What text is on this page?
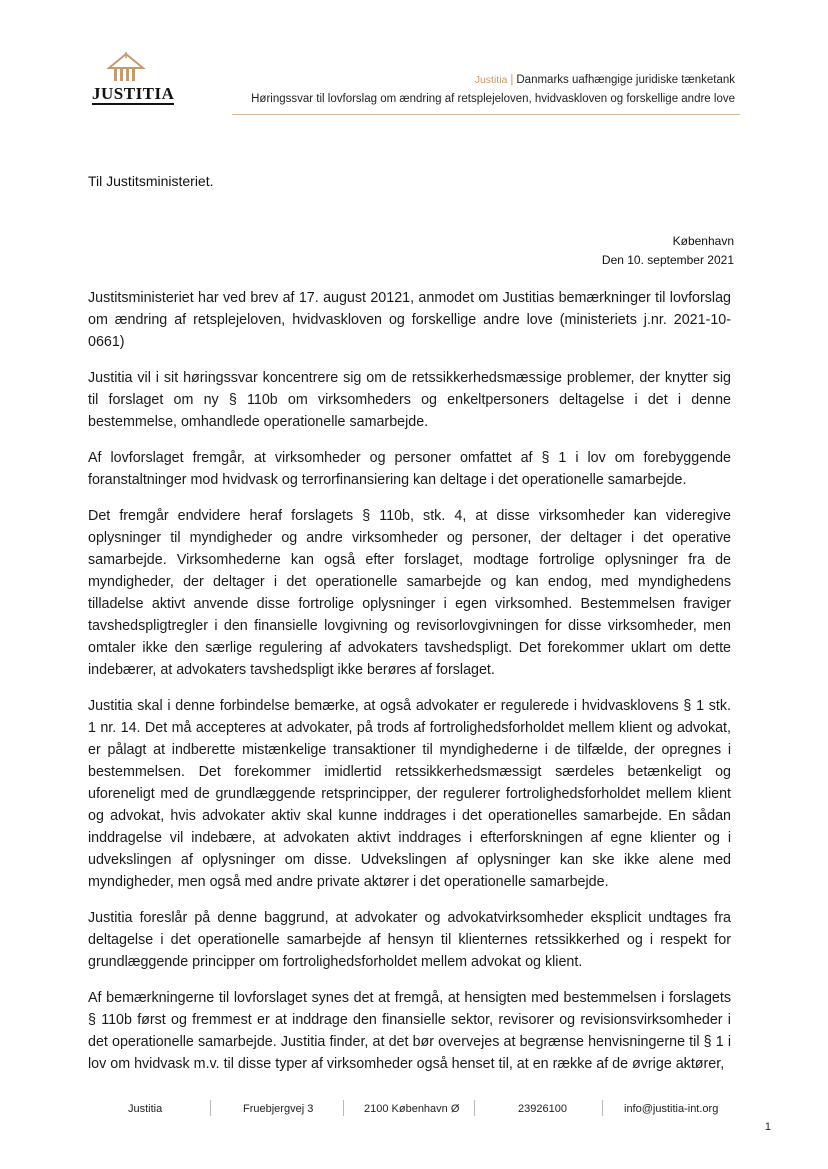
JUSTITIA
Justitia | Danmarks uafhængige juridiske tænketank
Høringssvar til lovforslag om ændring af retsplejeloven, hvidvaskloven og forskellige andre love
Til Justitsministeriet.
København
Den 10. september 2021

Justitsministeriet har ved brev af 17. august 20121, anmodet om Justitias bemærkninger til lovforslag om ændring af retsplejeloven, hvidvaskloven og forskellige andre love (ministeriets j.nr. 2021-10-0661)

Justitia vil i sit høringssvar koncentrere sig om de retssikkerhedsmæssige problemer, der knytter sig til forslaget om ny § 110b om virksomheders og enkeltpersoners deltagelse i det i denne bestemmelse, omhandlede operationelle samarbejde.

Af lovforslaget fremgår, at virksomheder og personer omfattet af § 1 i lov om forebyggende foranstaltninger mod hvidvask og terrorfinansiering kan deltage i det operationelle samarbejde.

Det fremgår endvidere heraf forslagets § 110b, stk. 4, at disse virksomheder kan videregive oplysninger til myndigheder og andre virksomheder og personer, der deltager i det operative samarbejde. Virksomhederne kan også efter forslaget, modtage fortrolige oplysninger fra de myndigheder, der deltager i det operationelle samarbejde og kan endog, med myndighedens tilladelse aktivt anvende disse fortrolige oplysninger i egen virksomhed. Bestemmelsen fraviger tavshedspligtregler i den finansielle lovgivning og revisorlovgivningen for disse virksomheder, men omtaler ikke den særlige regulering af advokaters tavshedspligt. Det forekommer uklart om dette indebærer, at advokaters tavshedspligt ikke berøres af forslaget.

Justitia skal i denne forbindelse bemærke, at også advokater er regulerede i hvidvasklovens § 1 stk. 1 nr. 14. Det må accepteres at advokater, på trods af fortrolighedsforholdet mellem klient og advokat, er pålagt at indberette mistænkelige transaktioner til myndighederne i de tilfælde, der opregnes i bestemmelsen. Det forekommer imidlertid retssikkerhedsmæssigt særdeles betænkeligt og uforeneligt med de grundlæggende retsprincipper, der regulerer fortrolighedsforholdet mellem klient og advokat, hvis advokater aktiv skal kunne inddrages i det operationelles samarbejde. En sådan inddragelse vil indebære, at advokaten aktivt inddrages i efterforskningen af egne klienter og i udvekslingen af oplysninger om disse. Udvekslingen af oplysninger kan ske ikke alene med myndigheder, men også med andre private aktører i det operationelle samarbejde.

Justitia foreslår på denne baggrund, at advokater og advokatvirksomheder eksplicit undtages fra deltagelse i det operationelle samarbejde af hensyn til klienternes retssikkerhed og i respekt for grundlæggende principper om fortrolighedsforholdet mellem advokat og klient.

Af bemærkningerne til lovforslaget synes det at fremgå, at hensigten med bestemmelsen i forslagets § 110b først og fremmest er at inddrage den finansielle sektor, revisorer og revisionsvirksomheder i det operationelle samarbejde. Justitia finder, at det bør overvejes at begrænse henvisningerne til § 1 i lov om hvidvask m.v. til disse typer af virksomheder også henset til, at en række af de øvrige aktører,

Justitia	Fruebjergvej 3	2100 København Ø	23926100	info@justitia-int.org
1
